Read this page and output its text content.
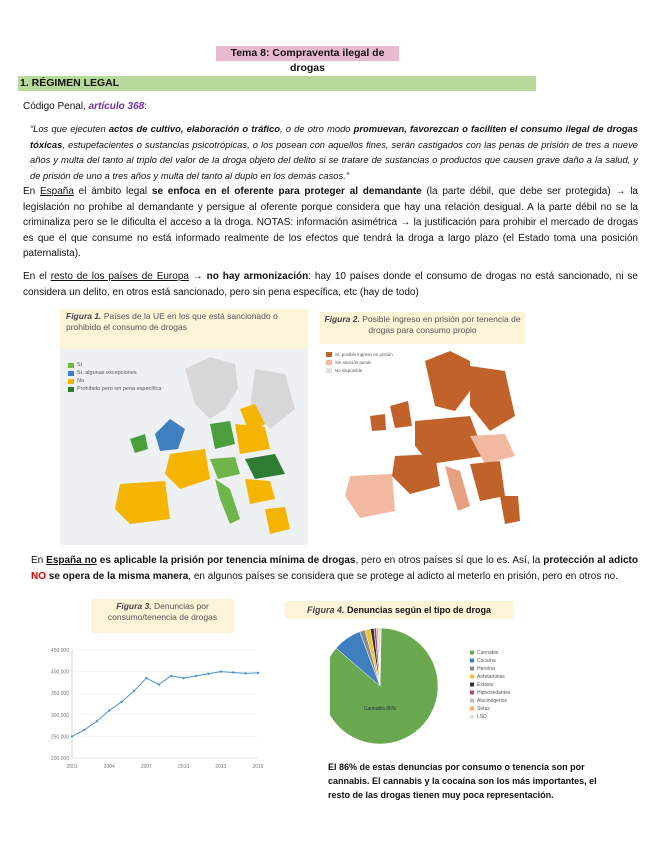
Tema 8: Compraventa ilegal de drogas
1. RÉGIMEN LEGAL
Código Penal, artículo 368:
“Los que ejecuten actos de cultivo, elaboración o tráfico, o de otro modo promuevan, favorezcan o faciliten el consumo ilegal de drogas tóxicas, estupefacientes o sustancias psicotrópicas, o los posean con aquellos fines, serán castigados con las penas de prisión de tres a nueve años y multa del tanto al triplo del valor de la droga objeto del delito si se tratare de sustancias o productos que causen grave daño a la salud, y de prisión de uno a tres años y multa del tanto al duplo en los demás casos.”
En España el ámbito legal se enfoca en el oferente para proteger al demandante (la parte débil, que debe ser protegida) → la legislación no prohíbe al demandante y persigue al oferente porque considera que hay una relación desigual. A la parte débil no se la criminaliza pero se le dificulta el acceso a la droga. NOTAS: información asimétrica → la justificación para prohibir el mercado de drogas es que el que consume no está informado realmente de los efectos que tendrá la droga a largo plazo (el Estado toma una posición paternalista).
En el resto de los países de Europa → no hay armonización: hay 10 países donde el consumo de drogas no está sancionado, ni se considera un delito, en otros está sancionado, pero sin pena específica, etc (hay de todo)
Figura 1. Países de la UE en los que está sancionado o prohibido el consumo de drogas
Sí
Sí, algunas excepciones
No
Prohibido pero sin pena específica
Figura 2. Posible ingreso en prisión por tenencia de drogas para consumo propio
Sí, posible ingreso en prisión
Sin sanción penal
No disponible
En España no es aplicable la prisión por tenencia mínima de drogas, pero en otros países sí que lo es. Así, la protección al adicto NO se opera de la misma manera, en algunos países se considera que se protege al adicto al meterlo en prisión, pero en otros no.
Figura 3. Denuncias por consumo/tenencia de drogas
450.000
400.000
350.000
300.000
250.000
200.000
2001	2004	2007	2010	2013	2016
Figura 4. Denuncias según el tipo de droga
Cannabis 86%
Cannabis
Cocaína
Heroína
Anfetaminas
Éxtasis
Hipnosedantes
Alucinógenos
Setas
LSD
El 86% de estas denuncias por consumo o tenencia son por cannabis. El cannabis y la cocaína son los más importantes, el resto de las drogas tienen muy poca representación.
